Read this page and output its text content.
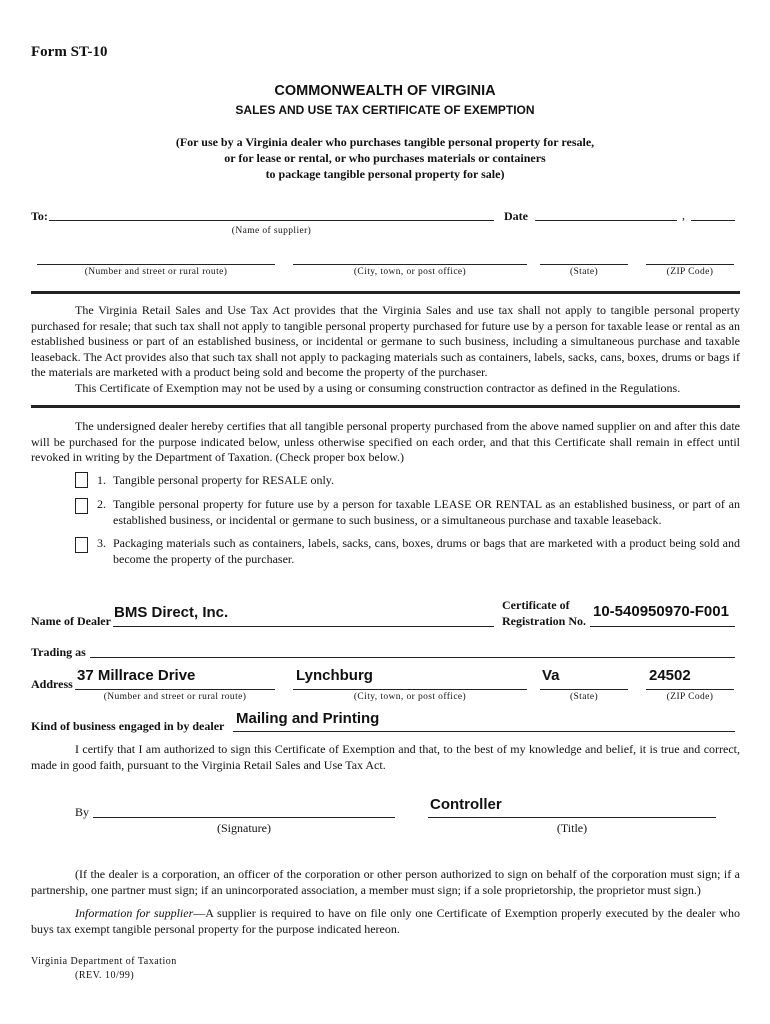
Form ST-10
COMMONWEALTH OF VIRGINIA
SALES AND USE TAX CERTIFICATE OF EXEMPTION
(For use by a Virginia dealer who purchases tangible personal property for resale,
or for lease or rental, or who purchases materials or containers
to package tangible personal property for sale)
To:	Date	,
(Name of supplier)
(Number and street or rural route)	(City, town, or post office)	(State)	(ZIP Code)
The Virginia Retail Sales and Use Tax Act provides that the Virginia Sales and use tax shall not apply to tangible personal property purchased for resale; that such tax shall not apply to tangible personal property purchased for future use by a person for taxable lease or rental as an established business or part of an established business, or incidental or germane to such business, including a simultaneous purchase and taxable leaseback. The Act provides also that such tax shall not apply to packaging materials such as containers, labels, sacks, cans, boxes, drums or bags if the materials are marketed with a product being sold and become the property of the purchaser.
This Certificate of Exemption may not be used by a using or consuming construction contractor as defined in the Regulations.
The undersigned dealer hereby certifies that all tangible personal property purchased from the above named supplier on and after this date will be purchased for the purpose indicated below, unless otherwise specified on each order, and that this Certificate shall remain in effect until revoked in writing by the Department of Taxation. (Check proper box below.)
1. Tangible personal property for RESALE only.
2. Tangible personal property for future use by a person for taxable LEASE OR RENTAL as an established business, or part of an established business, or incidental or germane to such business, or a simultaneous purchase and taxable leaseback.
3. Packaging materials such as containers, labels, sacks, cans, boxes, drums or bags that are marketed with a product being sold and become the property of the purchaser.
Name of Dealer BMS Direct, Inc.	Certificate of
Registration No.
10-540950970-F001
Trading as
Address 37 Millrace Drive	Lynchburg	Va	24502
(Number and street or rural route)	(City, town, or post office)	(State)	(ZIP Code)
Kind of business engaged in by dealer Mailing and Printing
I certify that I am authorized to sign this Certificate of Exemption and that, to the best of my knowledge and belief, it is true and correct, made in good faith, pursuant to the Virginia Retail Sales and Use Tax Act.
By
(Signature)
Controller
(Title)
(If the dealer is a corporation, an officer of the corporation or other person authorized to sign on behalf of the corporation must sign; if a partnership, one partner must sign; if an unincorporated association, a member must sign; if a sole proprietorship, the proprietor must sign.)
Information for supplier—A supplier is required to have on file only one Certificate of Exemption properly executed by the dealer who buys tax exempt tangible personal property for the purpose indicated hereon.
Virginia Department of Taxation
(REV. 10/99)
